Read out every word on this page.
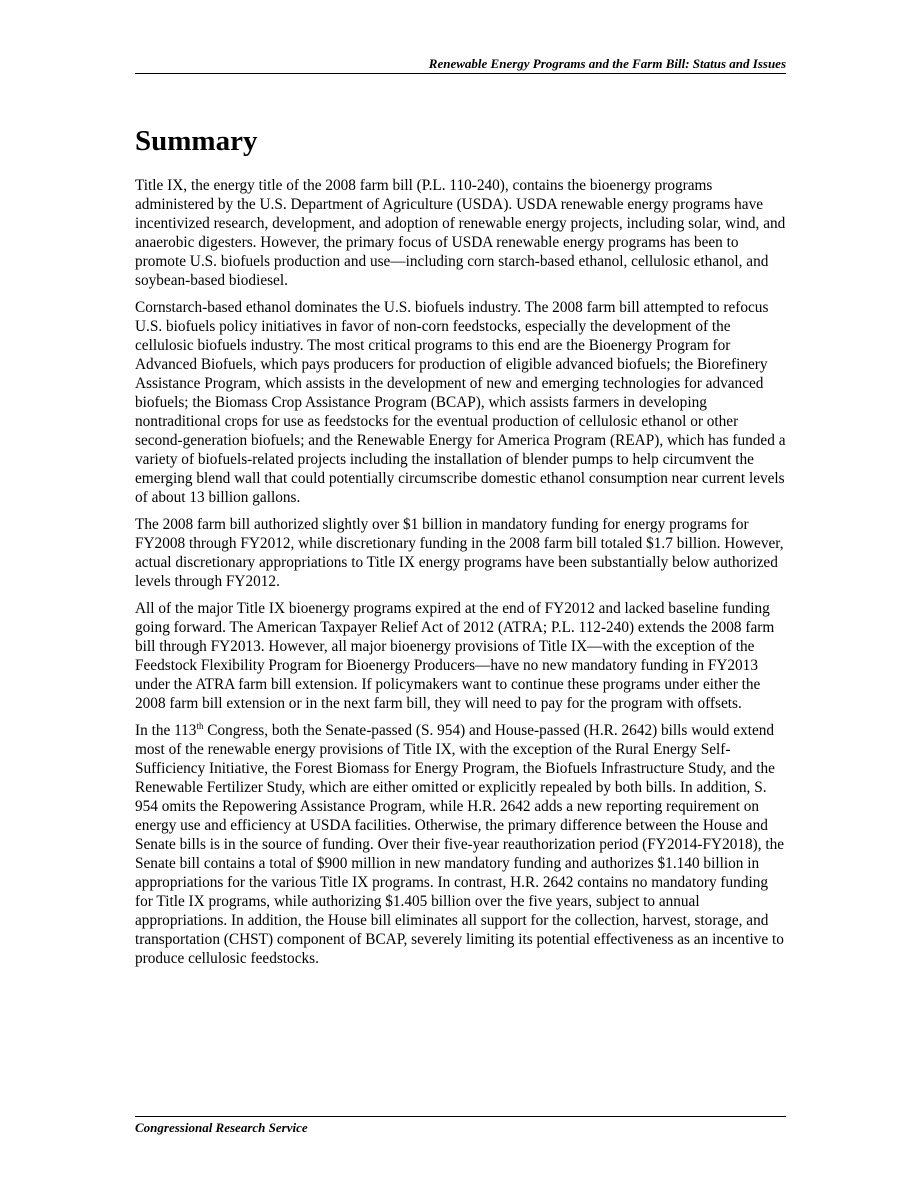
Renewable Energy Programs and the Farm Bill: Status and Issues
Summary

Title IX, the energy title of the 2008 farm bill (P.L. 110-240), contains the bioenergy programs administered by the U.S. Department of Agriculture (USDA). USDA renewable energy programs have incentivized research, development, and adoption of renewable energy projects, including solar, wind, and anaerobic digesters. However, the primary focus of USDA renewable energy programs has been to promote U.S. biofuels production and use—including corn starch-based ethanol, cellulosic ethanol, and soybean-based biodiesel.

Cornstarch-based ethanol dominates the U.S. biofuels industry. The 2008 farm bill attempted to refocus U.S. biofuels policy initiatives in favor of non-corn feedstocks, especially the development of the cellulosic biofuels industry. The most critical programs to this end are the Bioenergy Program for Advanced Biofuels, which pays producers for production of eligible advanced biofuels; the Biorefinery Assistance Program, which assists in the development of new and emerging technologies for advanced biofuels; the Biomass Crop Assistance Program (BCAP), which assists farmers in developing nontraditional crops for use as feedstocks for the eventual production of cellulosic ethanol or other second-generation biofuels; and the Renewable Energy for America Program (REAP), which has funded a variety of biofuels-related projects including the installation of blender pumps to help circumvent the emerging blend wall that could potentially circumscribe domestic ethanol consumption near current levels of about 13 billion gallons.

The 2008 farm bill authorized slightly over $1 billion in mandatory funding for energy programs for FY2008 through FY2012, while discretionary funding in the 2008 farm bill totaled $1.7 billion. However, actual discretionary appropriations to Title IX energy programs have been substantially below authorized levels through FY2012.

All of the major Title IX bioenergy programs expired at the end of FY2012 and lacked baseline funding going forward. The American Taxpayer Relief Act of 2012 (ATRA; P.L. 112-240) extends the 2008 farm bill through FY2013. However, all major bioenergy provisions of Title IX—with the exception of the Feedstock Flexibility Program for Bioenergy Producers—have no new mandatory funding in FY2013 under the ATRA farm bill extension. If policymakers want to continue these programs under either the 2008 farm bill extension or in the next farm bill, they will need to pay for the program with offsets.

In the 113th Congress, both the Senate-passed (S. 954) and House-passed (H.R. 2642) bills would extend most of the renewable energy provisions of Title IX, with the exception of the Rural Energy Self-Sufficiency Initiative, the Forest Biomass for Energy Program, the Biofuels Infrastructure Study, and the Renewable Fertilizer Study, which are either omitted or explicitly repealed by both bills. In addition, S. 954 omits the Repowering Assistance Program, while H.R. 2642 adds a new reporting requirement on energy use and efficiency at USDA facilities. Otherwise, the primary difference between the House and Senate bills is in the source of funding. Over their five-year reauthorization period (FY2014-FY2018), the Senate bill contains a total of $900 million in new mandatory funding and authorizes $1.140 billion in appropriations for the various Title IX programs. In contrast, H.R. 2642 contains no mandatory funding for Title IX programs, while authorizing $1.405 billion over the five years, subject to annual appropriations. In addition, the House bill eliminates all support for the collection, harvest, storage, and transportation (CHST) component of BCAP, severely limiting its potential effectiveness as an incentive to produce cellulosic feedstocks.

Congressional Research Service
